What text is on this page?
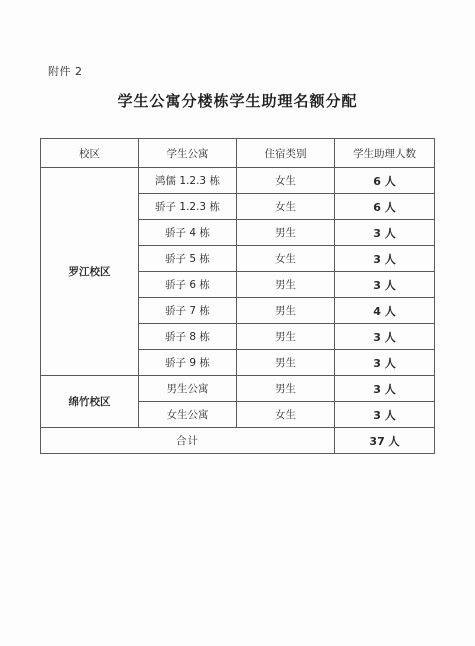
附件 2
学生公寓分楼栋学生助理名额分配
校区	学生公寓	住宿类别	学生助理人数
罗江校区	鸿儒 1.2.3 栋	女生	6 人
	骄子 1.2.3 栋	女生	6 人
	骄子 4 栋	男生	3 人
	骄子 5 栋	女生	3 人
	骄子 6 栋	男生	3 人
	骄子 7 栋	男生	4 人
	骄子 8 栋	男生	3 人
	骄子 9 栋	男生	3 人
绵竹校区	男生公寓	男生	3 人
	女生公寓	女生	3 人
合计			37 人
